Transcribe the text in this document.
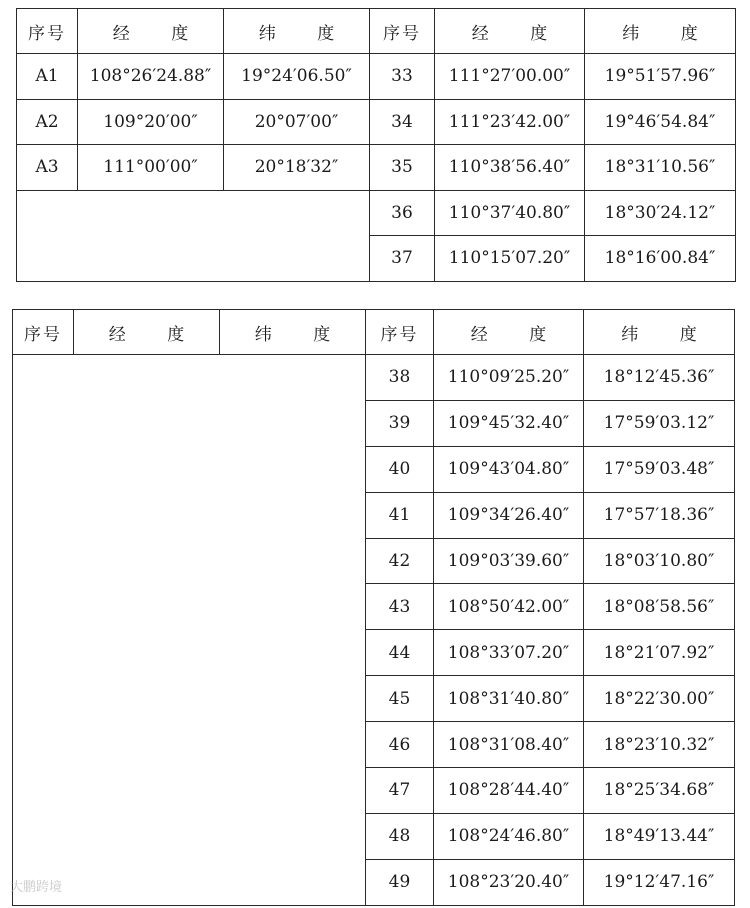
序号	经 度	纬 度	序号	经 度	纬 度
A1	108°26′24.88″	19°24′06.50″	33	111°27′00.00″	19°51′57.96″
A2	109°20′00″	20°07′00″	34	111°23′42.00″	19°46′54.84″
A3	111°00′00″	20°18′32″	35	110°38′56.40″	18°31′10.56″
			36	110°37′40.80″	18°30′24.12″
			37	110°15′07.20″	18°16′00.84″
序号	经 度	纬 度	序号	经 度	纬 度
			38	110°09′25.20″	18°12′45.36″
			39	109°45′32.40″	17°59′03.12″
			40	109°43′04.80″	17°59′03.48″
			41	109°34′26.40″	17°57′18.36″
			42	109°03′39.60″	18°03′10.80″
			43	108°50′42.00″	18°08′58.56″
			44	108°33′07.20″	18°21′07.92″
			45	108°31′40.80″	18°22′30.00″
			46	108°31′08.40″	18°23′10.32″
			47	108°28′44.40″	18°25′34.68″
			48	108°24′46.80″	18°49′13.44″
			49	108°23′20.40″	19°12′47.16″
大鹏跨境
